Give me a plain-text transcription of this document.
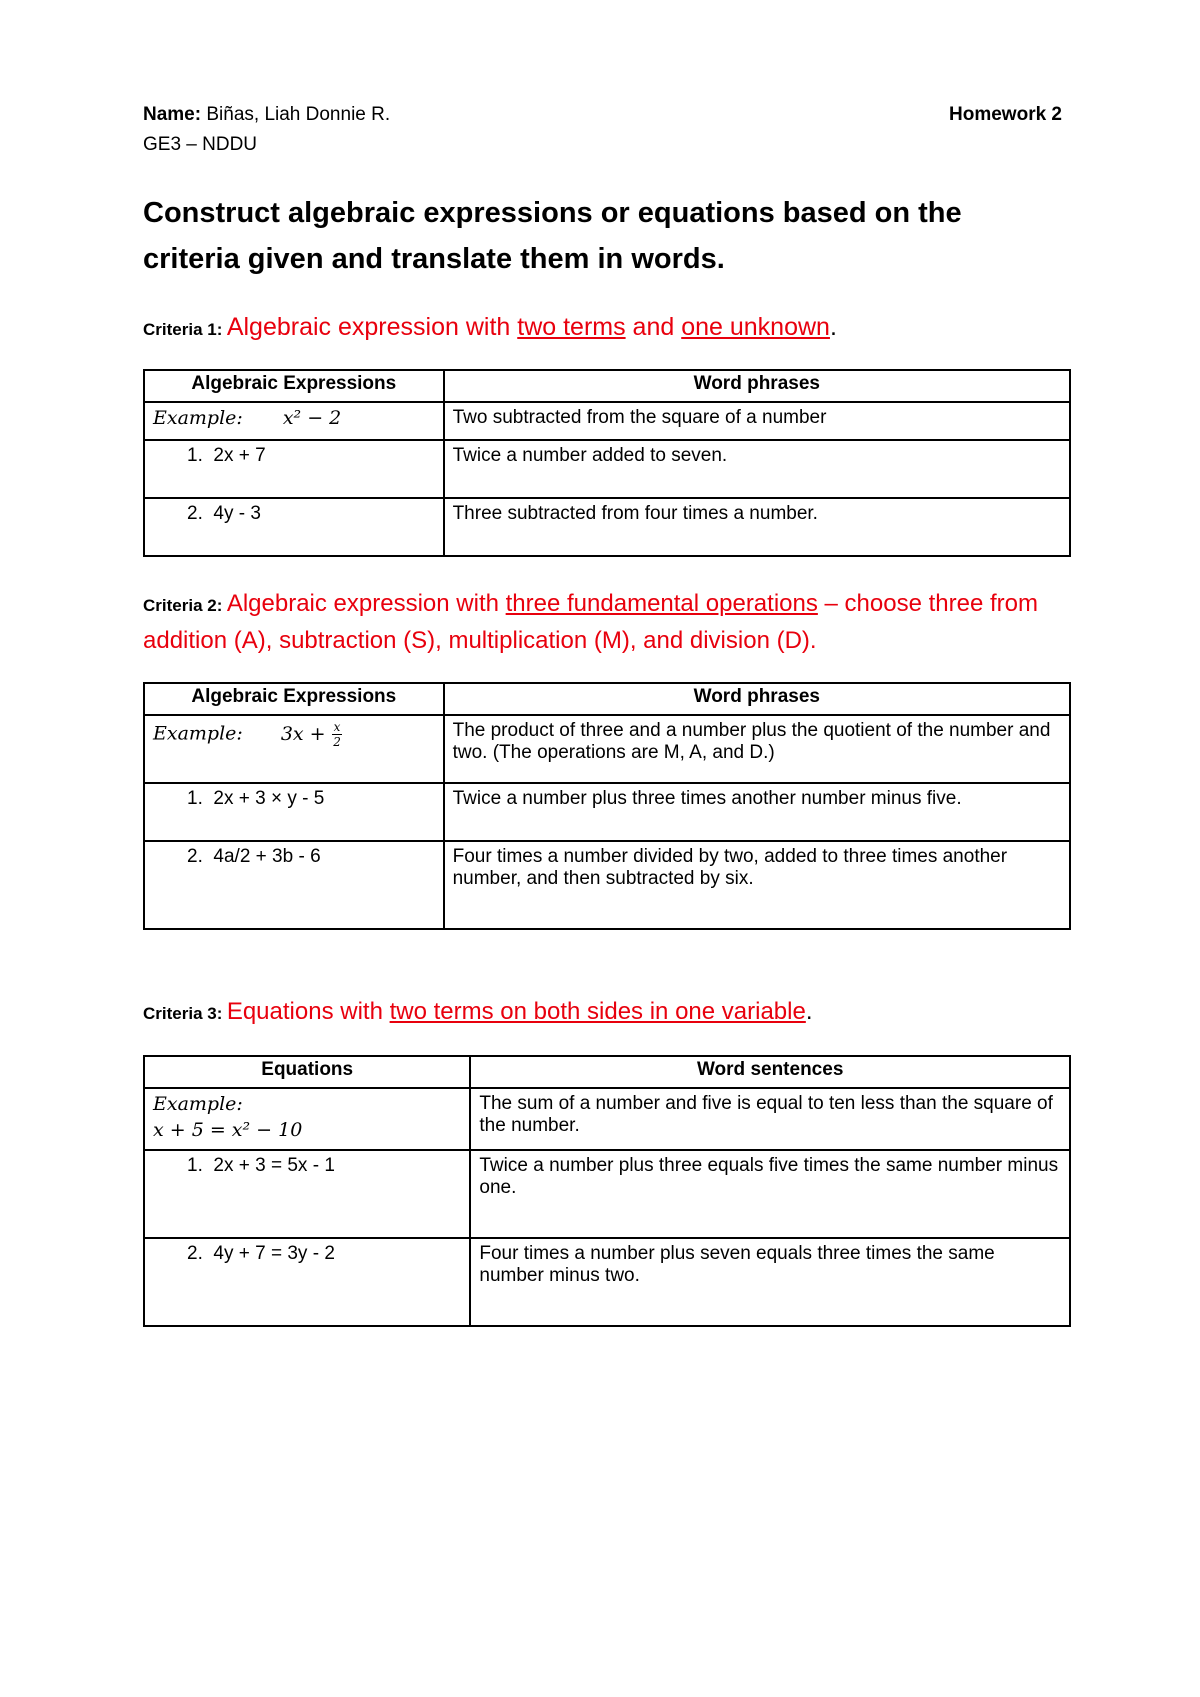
Name: Biñas, Liah Donnie R.	Homework 2
GE3 – NDDU
Construct algebraic expressions or equations based on the criteria given and translate them in words.
Criteria 1: Algebraic expression with two terms and one unknown.
Algebraic Expressions	Word phrases
Example: x² − 2	Two subtracted from the square of a number
1. 2x + 7	Twice a number added to seven.
2. 4y - 3	Three subtracted from four times a number.
Criteria 2: Algebraic expression with three fundamental operations – choose three from addition (A), subtraction (S), multiplication (M), and division (D).
Algebraic Expressions	Word phrases
Example: $3x + \frac{x}{2}$	The product of three and a number plus the quotient of the number and two. (The operations are M, A, and D.)
1. 2x + 3 × y - 5	Twice a number plus three times another number minus five.
2. 4a/2 + 3b - 6	Four times a number divided by two, added to three times another number, and then subtracted by six.
Criteria 3: Equations with two terms on both sides in one variable.
Equations	Word sentences

Example:
x + 5 = x² − 10	The sum of a number and five is equal to ten less than the square of the number.
1. 2x + 3 = 5x - 1	Twice a number plus three equals five times the same number minus one.
2. 4y + 7 = 3y - 2	Four times a number plus seven equals three times the same number minus two.
